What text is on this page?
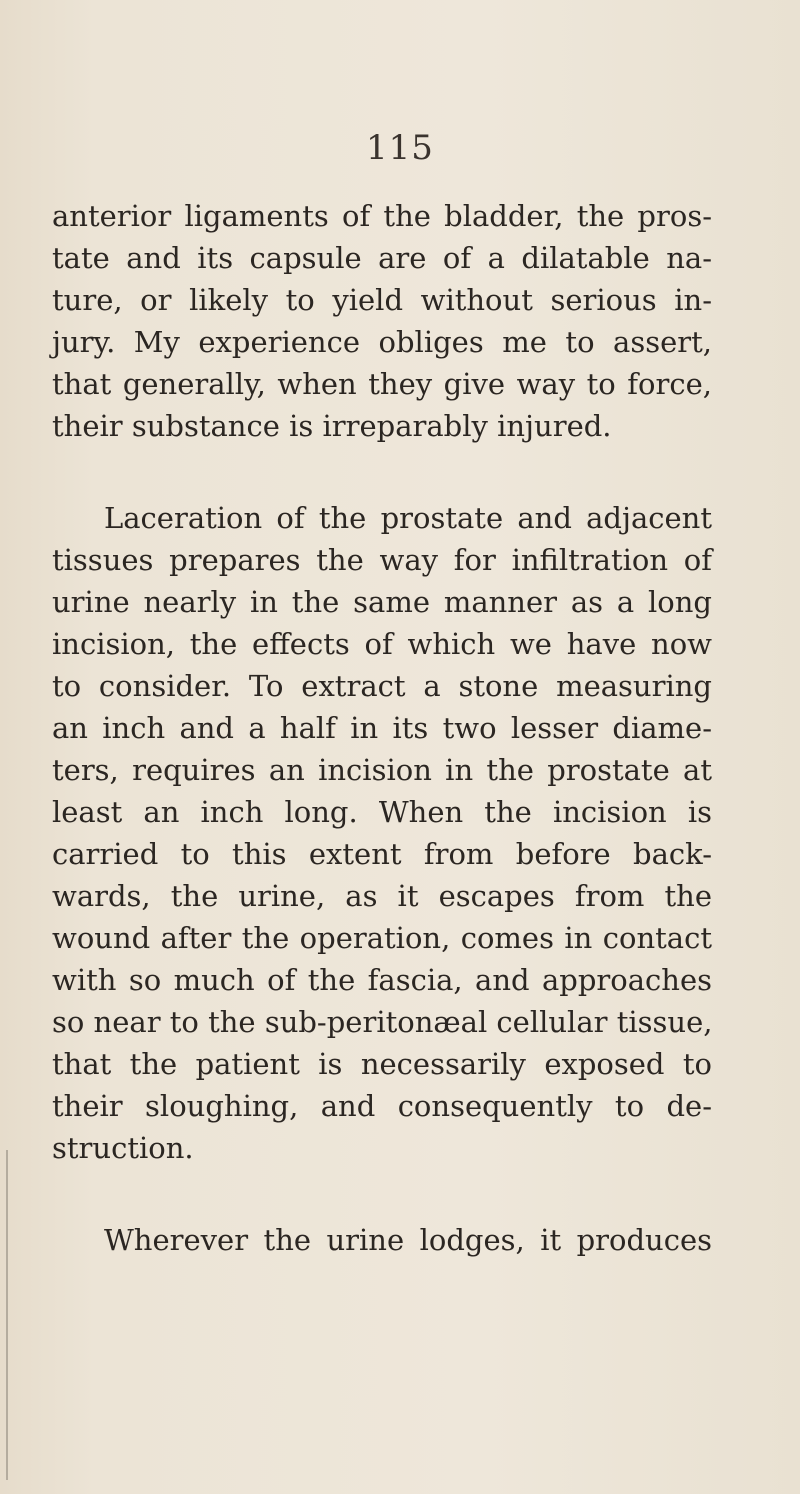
115
anterior ligaments of the bladder, the pros-
tate and its capsule are of a dilatable na-
ture, or likely to yield without serious in-
jury. My experience obliges me to assert,
that generally, when they give way to force,
their substance is irreparably injured.
Laceration of the prostate and adjacent
tissues prepares the way for infiltration of
urine nearly in the same manner as a long
incision, the effects of which we have now
to consider. To extract a stone measuring
an inch and a half in its two lesser diame-
ters, requires an incision in the prostate at
least an inch long. When the incision is
carried to this extent from before back-
wards, the urine, as it escapes from the
wound after the operation, comes in contact
with so much of the fascia, and approaches
so near to the sub-peritonæal cellular tissue,
that the patient is necessarily exposed to
their sloughing, and consequently to de-
struction.
Wherever the urine lodges, it produces
